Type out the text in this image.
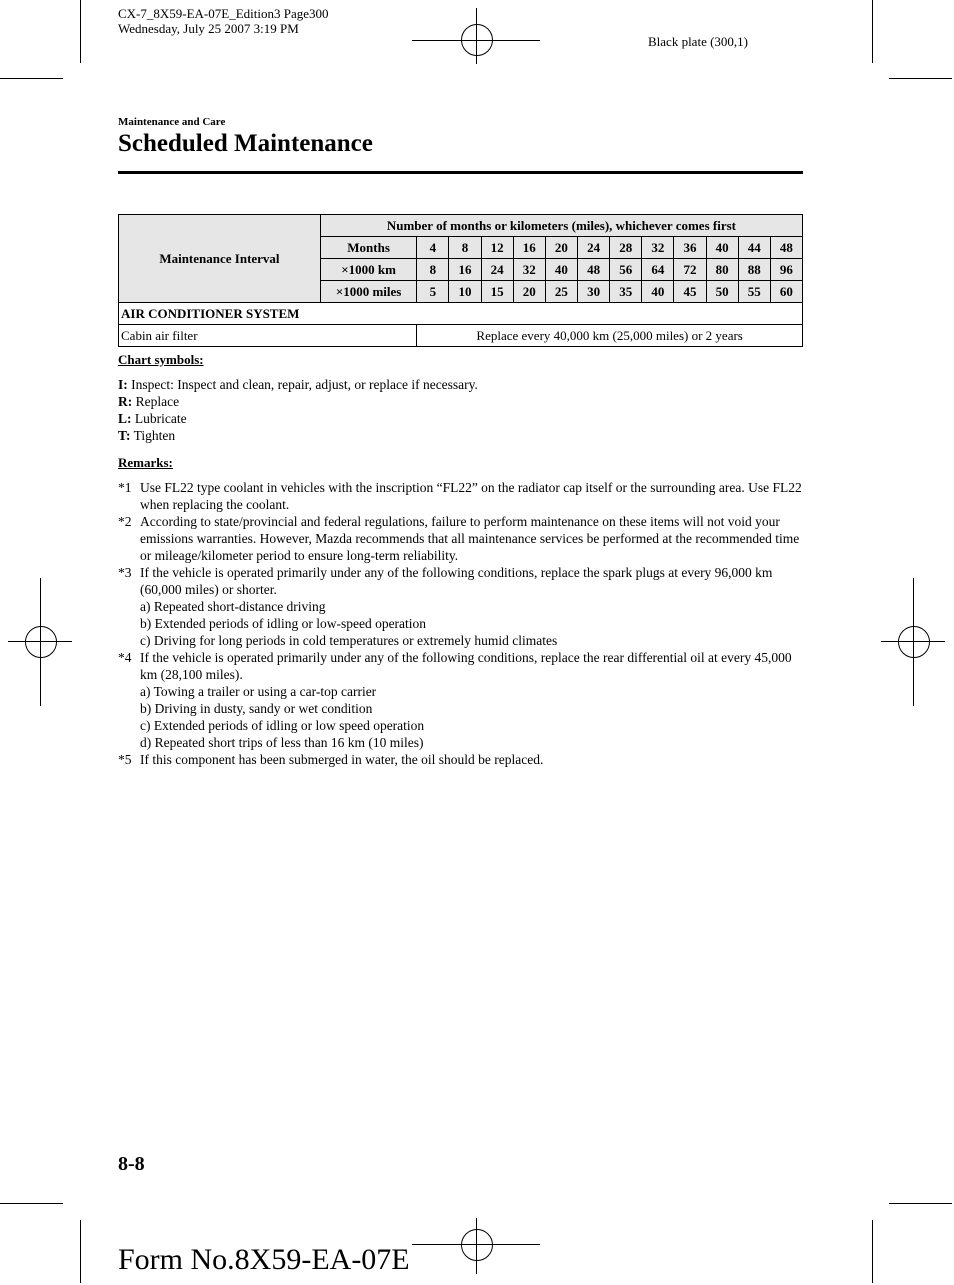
CX-7_8X59-EA-07E_Edition3 Page300
Wednesday, July 25 2007 3:19 PM
Black plate (300,1)
Maintenance and Care
Scheduled Maintenance
Maintenance Interval	Number of months or kilometers (miles), whichever comes first												
	Months	4	8	12	16	20	24	28	32	36	40	44	48
	×1000 km	8	16	24	32	40	48	56	64	72	80	88	96
	×1000 miles	5	10	15	20	25	30	35	40	45	50	55	60
AIR CONDITIONER SYSTEM													
Cabin air filter		Replace every 40,000 km (25,000 miles) or 2 years											
Chart symbols:
I: Inspect: Inspect and clean, repair, adjust, or replace if necessary.
R: Replace
L: Lubricate
T: Tighten
Remarks:
*1 Use FL22 type coolant in vehicles with the inscription “FL22” on the radiator cap itself or the surrounding area. Use FL22 when replacing the coolant.
*2 According to state/provincial and federal regulations, failure to perform maintenance on these items will not void your emissions warranties. However, Mazda recommends that all maintenance services be performed at the recommended time or mileage/kilometer period to ensure long-term reliability.
*3 If the vehicle is operated primarily under any of the following conditions, replace the spark plugs at every 96,000 km (60,000 miles) or shorter.
a) Repeated short-distance driving
b) Extended periods of idling or low-speed operation
c) Driving for long periods in cold temperatures or extremely humid climates
*4 If the vehicle is operated primarily under any of the following conditions, replace the rear differential oil at every 45,000 km (28,100 miles).
a) Towing a trailer or using a car-top carrier
b) Driving in dusty, sandy or wet condition
c) Extended periods of idling or low speed operation
d) Repeated short trips of less than 16 km (10 miles)
*5 If this component has been submerged in water, the oil should be replaced.
8-8
Form No.8X59-EA-07E
